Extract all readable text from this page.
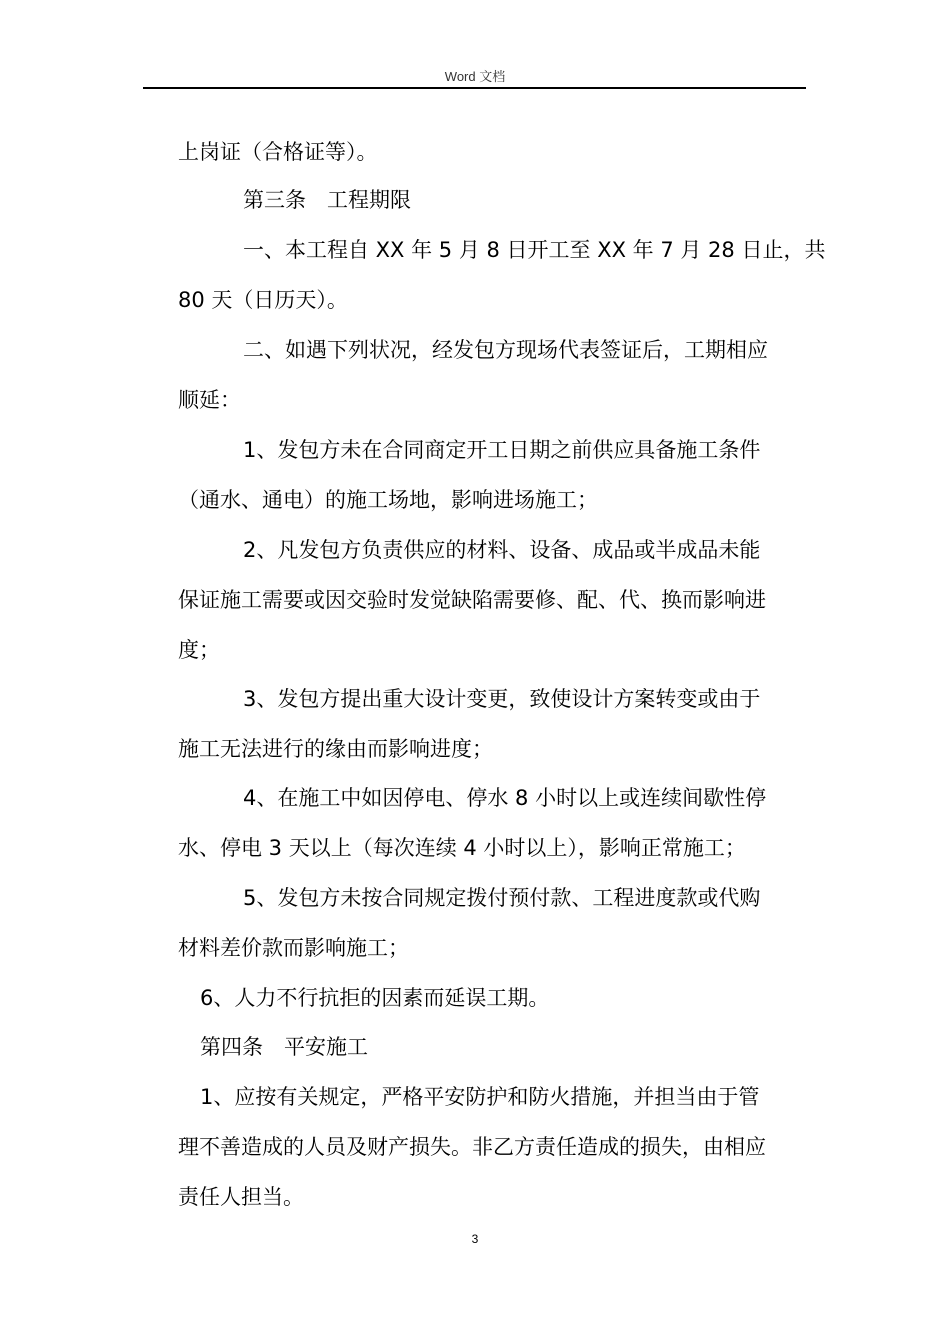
Word 文档
上岗证（合格证等）。
第三条　工程期限
一、本工程自 XX 年 5 月 8 日开工至 XX 年 7 月 28 日止，共
80 天（日历天）。
二、如遇下列状况，经发包方现场代表签证后，工期相应
顺延：
1、发包方未在合同商定开工日期之前供应具备施工条件
（通水、通电）的施工场地，影响进场施工；
2、凡发包方负责供应的材料、设备、成品或半成品未能
保证施工需要或因交验时发觉缺陷需要修、配、代、换而影响进
度；
3、发包方提出重大设计变更，致使设计方案转变或由于
施工无法进行的缘由而影响进度；
4、在施工中如因停电、停水 8 小时以上或连续间歇性停
水、停电 3 天以上（每次连续 4 小时以上），影响正常施工；
5、发包方未按合同规定拨付预付款、工程进度款或代购
材料差价款而影响施工；
6、人力不行抗拒的因素而延误工期。
第四条　平安施工
1、应按有关规定，严格平安防护和防火措施，并担当由于管
理不善造成的人员及财产损失。非乙方责任造成的损失，由相应
责任人担当。
3
